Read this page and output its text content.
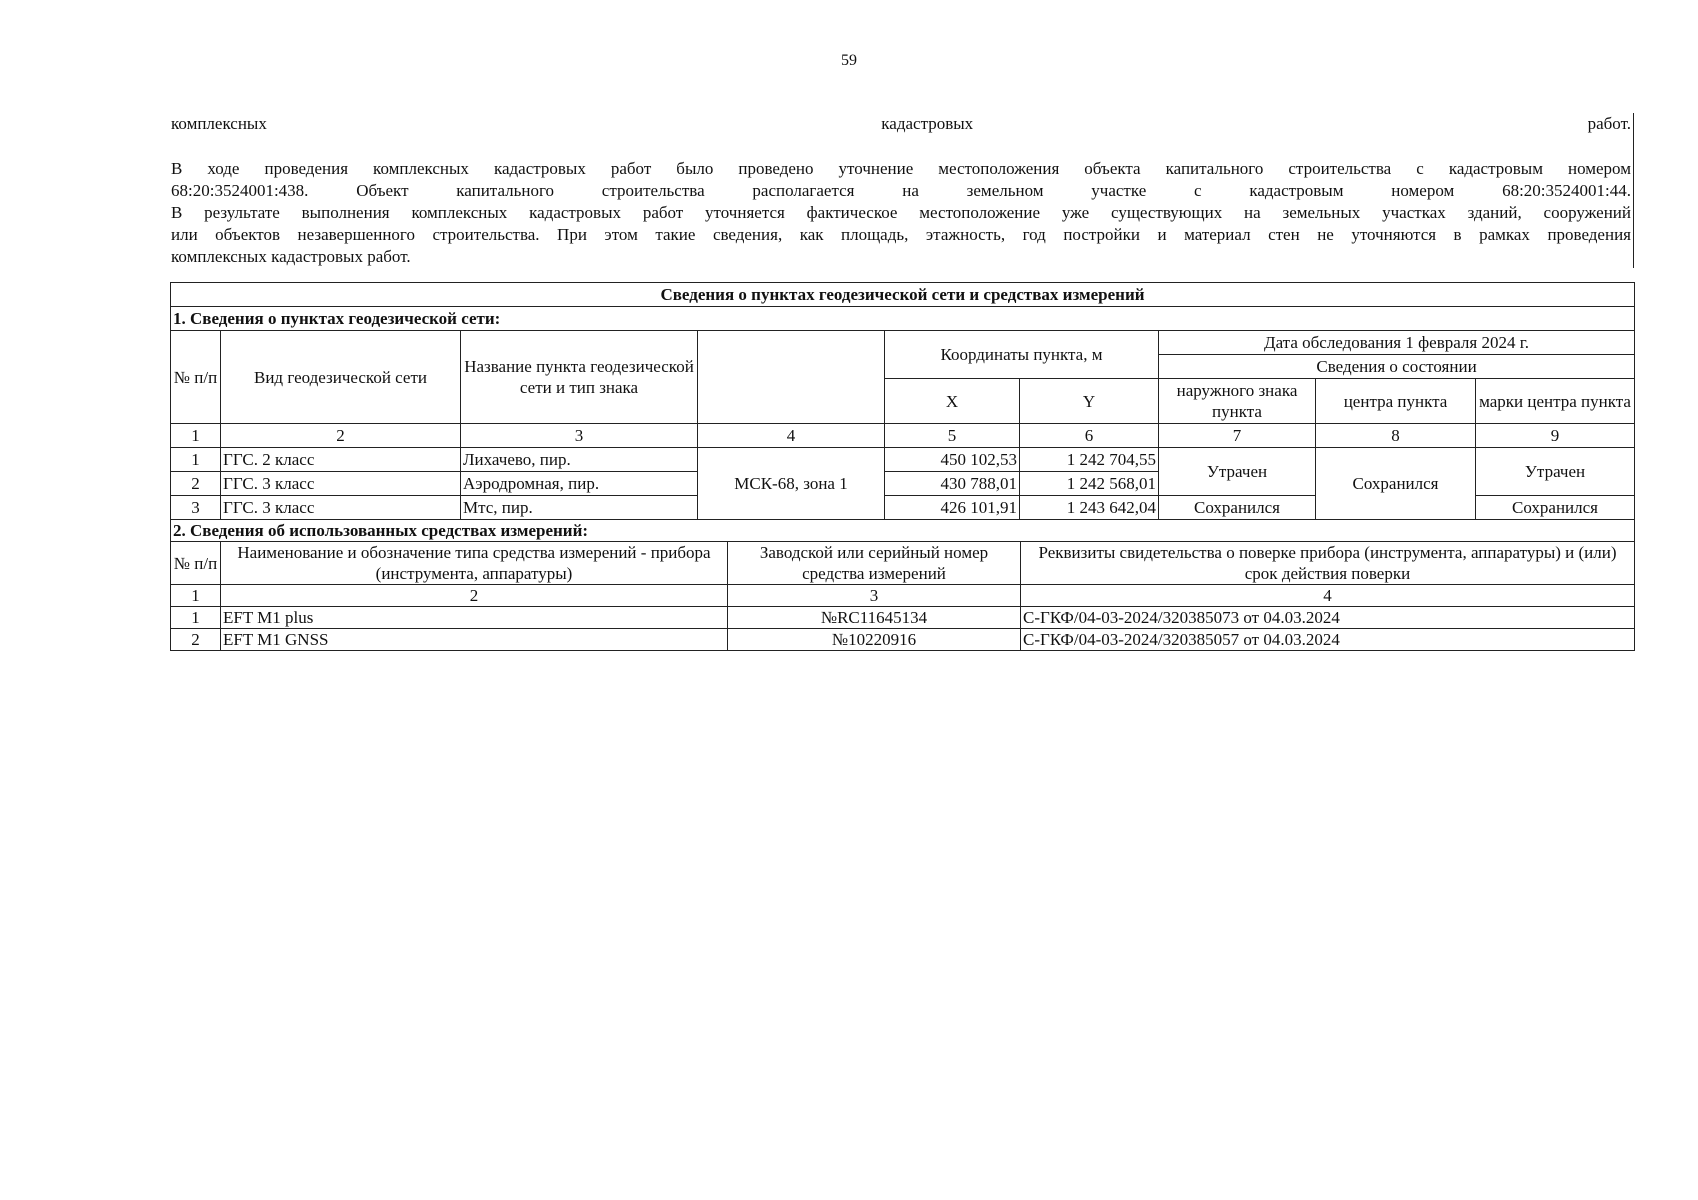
59
комплексных	кадастровых	работ.
В ходе проведения комплексных кадастровых работ было проведено уточнение местоположения объекта капитального строительства с кадастровым номером
68:20:3524001:438. Объект капитального строительства располагается на земельном участке с кадастровым номером 68:20:3524001:44.
В результате выполнения комплексных кадастровых работ уточняется фактическое местоположение уже существующих на земельных участках зданий, сооружений
или объектов незавершенного строительства. При этом такие сведения, как площадь, этажность, год постройки и материал стен не уточняются в рамках проведения
комплексных кадастровых работ.
Сведения о пунктах геодезической сети и средствах измерений								
1. Сведения о пунктах геодезической сети:								
№ п/п	Вид геодезической сети	Название пункта геодезической сети и тип знака		Координаты пункта, м		Дата обследования 1 февраля 2024 г.		
						Сведения о состоянии		
				X	Y	наружного знака пункта	центра пункта	марки центра пункта
1	2	3	4	5	6	7	8	9
1	ГГС. 2 класс	Лихачево, пир.	МСК-68, зона 1	450 102,53	1 242 704,55	Утрачен	Сохранился	Утрачен
2	ГГС. 3 класс	Аэродромная, пир.		430 788,01	1 242 568,01			
3	ГГС. 3 класс	Мтс, пир.		426 101,91	1 243 642,04	Сохранился		Сохранился
2. Сведения об использованных средствах измерений:			
№ п/п	Наименование и обозначение типа средства измерений - прибора (инструмента, аппаратуры)	Заводской или серийный номер средства измерений	Реквизиты свидетельства о поверке прибора (инструмента, аппаратуры) и (или) срок действия поверки
1	2	3	4
1	EFT M1 plus	№RC11645134	С-ГКФ/04-03-2024/320385073 от 04.03.2024
2	EFT M1 GNSS	№10220916	С-ГКФ/04-03-2024/320385057 от 04.03.2024
